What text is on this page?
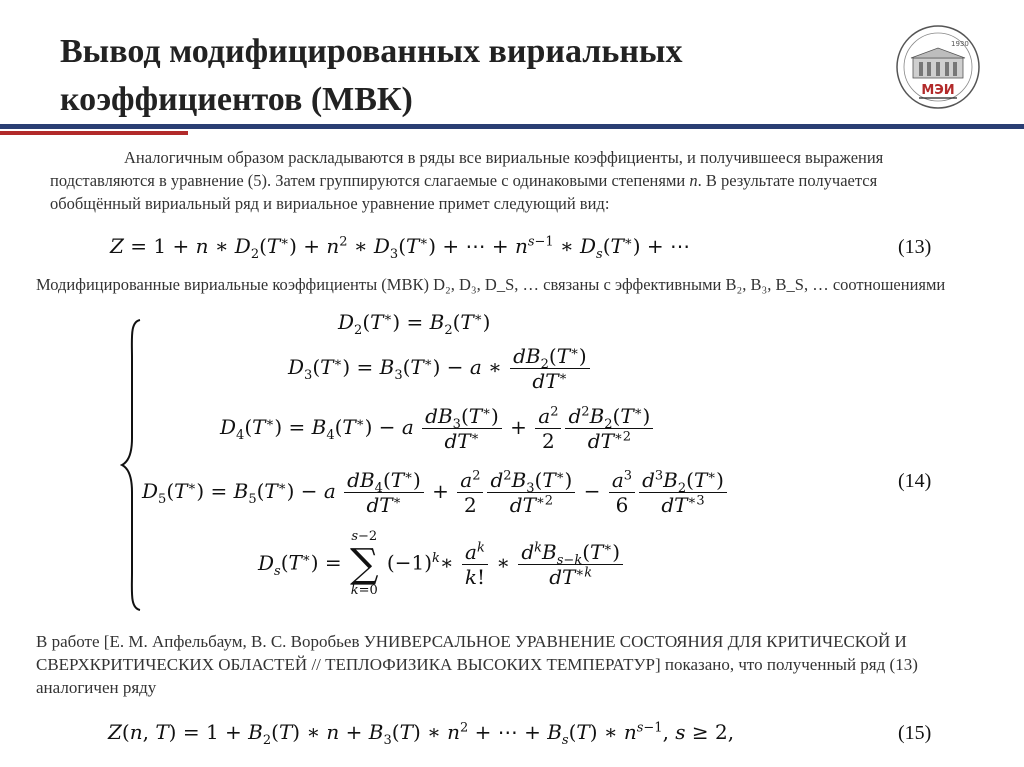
Вывод модифицированных вириальных коэффициентов (МВК)
1930
МЭИ
Аналогичным образом раскладываются в ряды все вириальные коэффициенты, и получившееся выражения подставляются в уравнение (5). Затем группируются слагаемые с одинаковыми степенями n. В результате получается обобщённый вириальный ряд и вириальное уравнение примет следующий вид:
Z = 1 + n ∗ $D_2(T^∗) + n^2$ ∗ $D_3(T^∗)$ + ⋯ + $n^{s-1}$ ∗ $D_s(T^∗)$ + ⋯	(13)
Модифицированные вириальные коэффициенты (МВК) D₂, D₃, D_S, … связаны с эффективными B₂, B₃, B_S, … соотношениями
$D_2(T^∗) = B_2(T^∗)$
$D_3(T^∗) = B_3(T^∗) - a$ ∗ $\frac{dB_2(T^∗)}{dT^∗}$
$D_4(T^∗) = B_4(T^∗) - a \frac{dB_3(T^∗)}{dT^∗} + \frac{a^2}{2} \frac{d^2B_2(T^∗)}{dT^{∗2}}$
$D_5(T^∗) = B_5(T^∗) - a \frac{dB_4(T^∗)}{dT^∗} + \frac{a^2}{2} \frac{d^2B_3(T^∗)}{dT^{∗2}} - \frac{a^3}{6} \frac{d^3B_2(T^∗)}{dT^{∗3}}$	(14)
$D_s(T^∗) = s-2$
∑
k=0 $(-1)^k∗ \frac{a^k}{k!}$ ∗ $\frac{d^kB_{s-k}(T^∗)}{dT^{∗k}}$
В работе [Е. М. Апфельбаум, В. С. Воробьев УНИВЕРСАЛЬНОЕ УРАВНЕНИЕ СОСТОЯНИЯ ДЛЯ КРИТИЧЕСКОЙ И СВЕРХКРИТИЧЕСКИХ ОБЛАСТЕЙ // ТЕПЛОФИЗИКА ВЫСОКИХ ТЕМПЕРАТУР] показано, что полученный ряд (13) аналогичен ряду
Z(n, $T) = 1 + B_2(T)$ ∗ $n + B_3(T)$ ∗ $n^2$ + ⋯ + $B_s(T)$ ∗ $n^{s-1}$, s ≥ 2,	(15)
